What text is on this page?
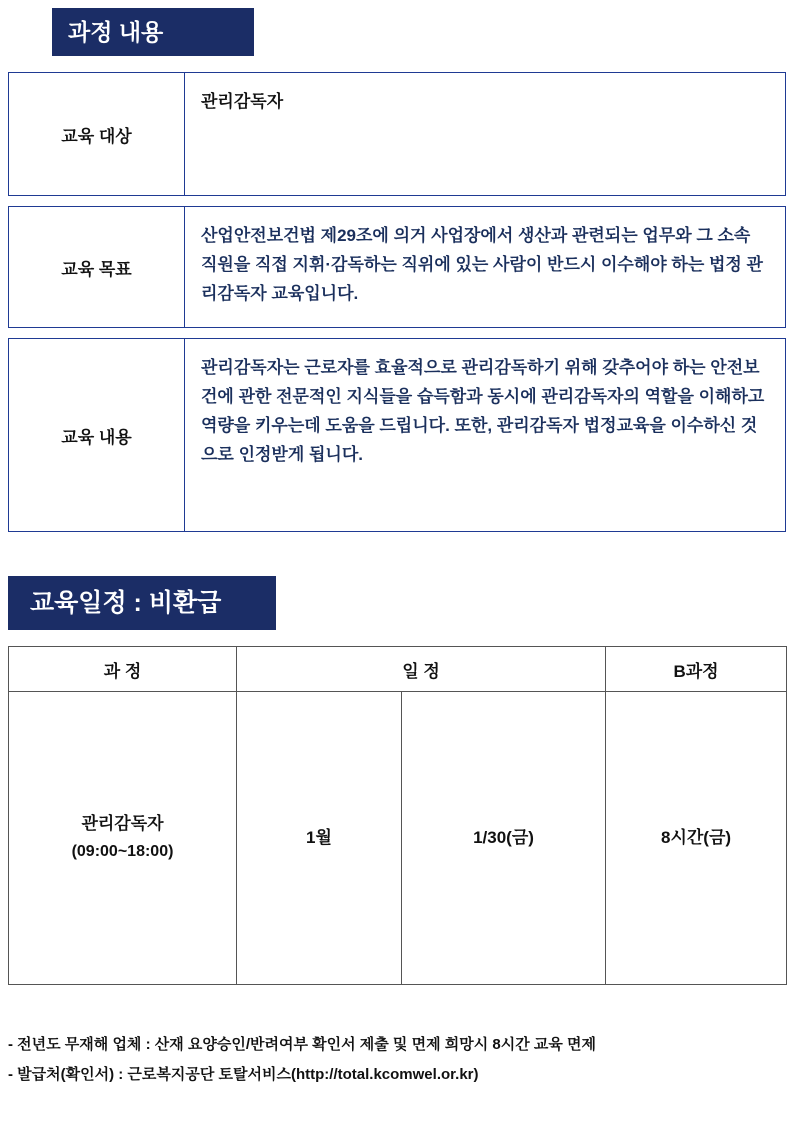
과정 내용
교육 대상
관리감독자
교육 목표
산업안전보건법 제29조에 의거 사업장에서 생산과 관련되는 업무와 그 소속 직원을 직접 지휘·감독하는 직위에 있는 사람이 반드시 이수해야 하는 법정 관리감독자 교육입니다.
교육 내용
관리감독자는 근로자를 효율적으로 관리감독하기 위해 갖추어야 하는 안전보건에 관한 전문적인 지식들을 습득함과 동시에 관리감독자의 역할을 이해하고 역량을 키우는데 도움을 드립니다. 또한, 관리감독자 법정교육을 이수하신 것으로 인정받게 됩니다.
교육일정 : 비환급
과 정	일 정		B과정

관리감독자
(09:00~18:00)	1월	1/30(금)	8시간(금)
- 전년도 무재해 업체 : 산재 요양승인/반려여부 확인서 제출 및 면제 희망시 8시간 교육 면제
- 발급처(확인서) : 근로복지공단 토탈서비스(http://total.kcomwel.or.kr)
